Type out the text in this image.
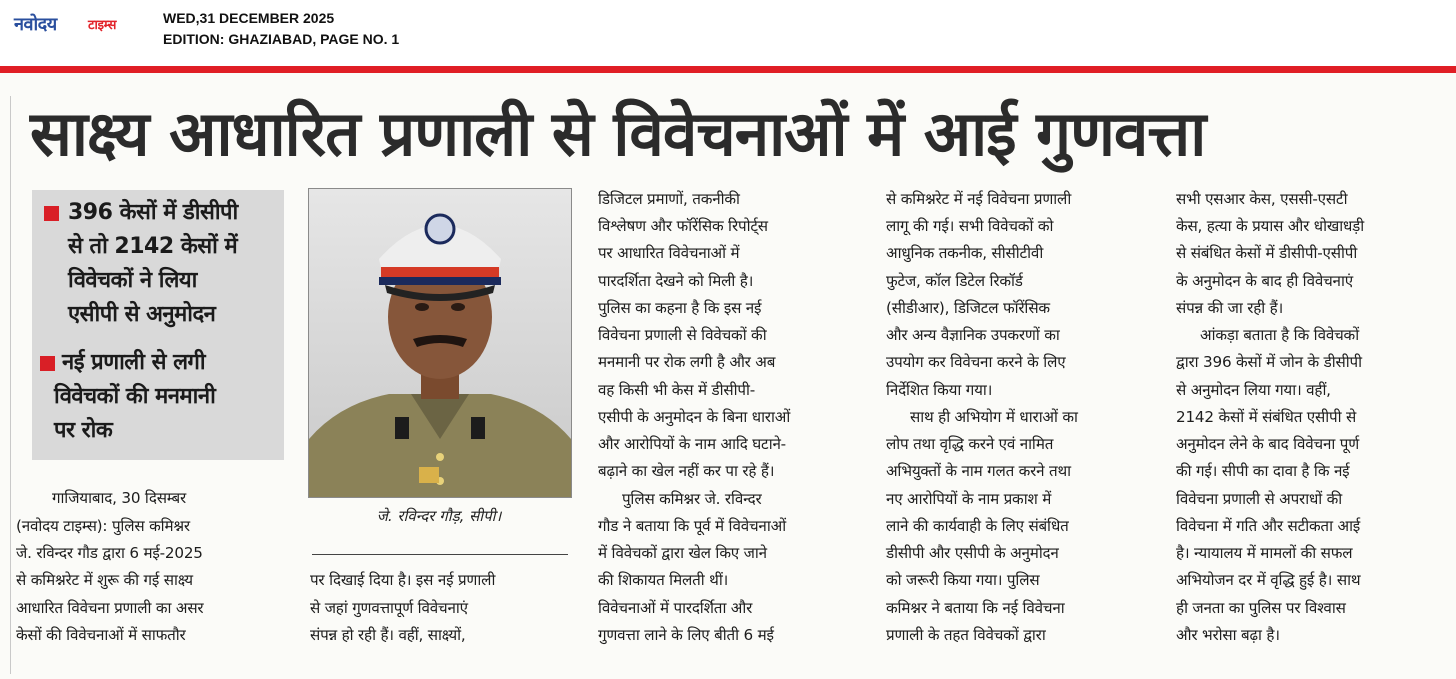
नवोदय टाइम्स	WED,31 DECEMBER 2025
EDITION: GHAZIABAD, PAGE NO. 1
साक्ष्य आधारित प्रणाली से विवेचनाओं में आई गुणवत्ता
396 केसों में डीसीपी
से तो 2142 केसों में
विवेचकों ने लिया
एसीपी से अनुमोदन
नई प्रणाली से लगी
विवेचकों की मनमानी
पर रोक
जे. रविन्दर गौड़, सीपी।
गाजियाबाद, 30 दिसम्बर
(नवोदय टाइम्स): पुलिस कमिश्नर
जे. रविन्दर गौड द्वारा 6 मई-2025
से कमिश्नरेट में शुरू की गई साक्ष्य
आधारित विवेचना प्रणाली का असर
केसों की विवेचनाओं में साफतौर
पर दिखाई दिया है। इस नई प्रणाली
से जहां गुणवत्तापूर्ण विवेचनाएं
संपन्न हो रही हैं। वहीं, साक्ष्यों,
डिजिटल प्रमाणों, तकनीकी
विश्लेषण और फॉरेंसिक रिपोर्ट्स
पर आधारित विवेचनाओं में
पारदर्शिता देखने को मिली है।
पुलिस का कहना है कि इस नई
विवेचना प्रणाली से विवेचकों की
मनमानी पर रोक लगी है और अब
वह किसी भी केस में डीसीपी-
एसीपी के अनुमोदन के बिना धाराओं
और आरोपियों के नाम आदि घटाने-
बढ़ाने का खेल नहीं कर पा रहे हैं।
पुलिस कमिश्नर जे. रविन्दर
गौड ने बताया कि पूर्व में विवेचनाओं
में विवेचकों द्वारा खेल किए जाने
की शिकायत मिलती थीं।
विवेचनाओं में पारदर्शिता और
गुणवत्ता लाने के लिए बीती 6 मई
से कमिश्नरेट में नई विवेचना प्रणाली
लागू की गई। सभी विवेचकों को
आधुनिक तकनीक, सीसीटीवी
फुटेज, कॉल डिटेल रिकॉर्ड
(सीडीआर), डिजिटल फॉरेंसिक
और अन्य वैज्ञानिक उपकरणों का
उपयोग कर विवेचना करने के लिए
निर्देशित किया गया।
साथ ही अभियोग में धाराओं का
लोप तथा वृद्धि करने एवं नामित
अभियुक्तों के नाम गलत करने तथा
नए आरोपियों के नाम प्रकाश में
लाने की कार्यवाही के लिए संबंधित
डीसीपी और एसीपी के अनुमोदन
को जरूरी किया गया। पुलिस
कमिश्नर ने बताया कि नई विवेचना
प्रणाली के तहत विवेचकों द्वारा
सभी एसआर केस, एससी-एसटी
केस, हत्या के प्रयास और धोखाधड़ी
से संबंधित केसों में डीसीपी-एसीपी
के अनुमोदन के बाद ही विवेचनाएं
संपन्न की जा रही हैं।
आंकड़ा बताता है कि विवेचकों
द्वारा 396 केसों में जोन के डीसीपी
से अनुमोदन लिया गया। वहीं,
2142 केसों में संबंधित एसीपी से
अनुमोदन लेने के बाद विवेचना पूर्ण
की गई। सीपी का दावा है कि नई
विवेचना प्रणाली से अपराधों की
विवेचना में गति और सटीकता आई
है। न्यायालय में मामलों की सफल
अभियोजन दर में वृद्धि हुई है। साथ
ही जनता का पुलिस पर विश्वास
और भरोसा बढ़ा है।
